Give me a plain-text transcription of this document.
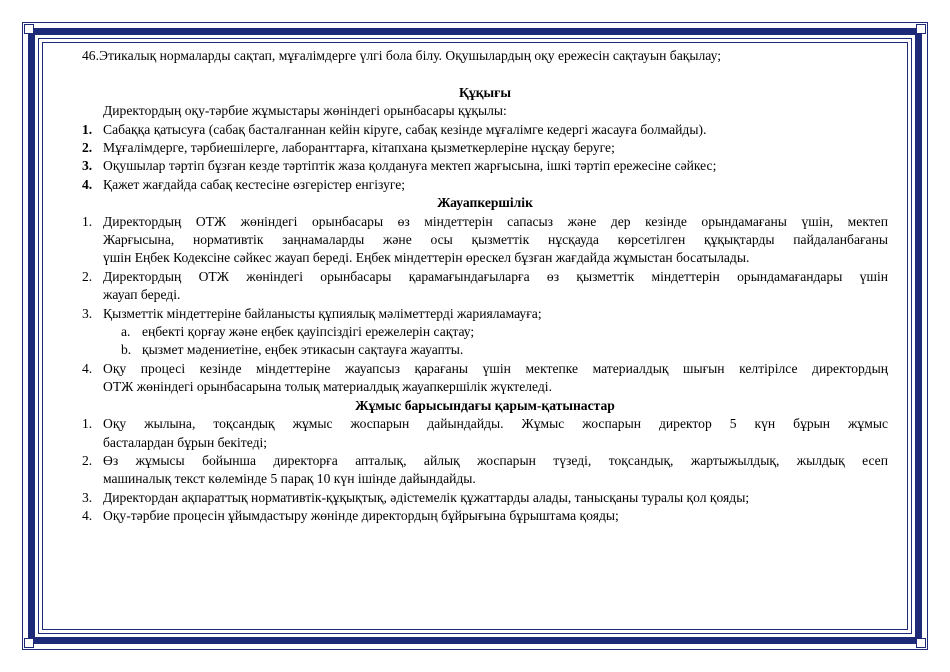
46.Этикалық нормаларды сақтап, мұғалімдерге үлгі бола білу. Оқушылардың оқу ережесін сақтауын бақылау;
Құқығы
Директордың оқу-тәрбие жұмыстары жөніндегі орынбасары құқылы:
1. Сабаққа қатысуға (сабақ басталғаннан кейін кіруге, сабақ кезінде мұғалімге кедергі жасауға болмайды).
2. Мұғалімдерге, тәрбиешілерге, лаборанттарға, кітапхана қызметкерлеріне нұсқау беруге;
3. Оқушылар тәртіп бұзған кезде тәртіптік жаза қолдануға мектеп жарғысына, ішкі тәртіп ережесіне сәйкес;
4. Қажет жағдайда сабақ кестесіне өзгерістер енгізуге;
Жауапкершілік
1. Директордың ОТЖ жөніндегі орынбасары өз міндеттерін сапасыз және дер кезінде орындамағаны үшін, мектеп
Жарғысына, нормативтік заңнамаларды және осы қызметтік нұсқауда көрсетілген құқықтарды пайдаланбағаны
үшін Еңбек Кодексіне сәйкес жауап береді. Еңбек міндеттерін өрескел бұзған жағдайда жұмыстан босатылады.
2. Директордың ОТЖ жөніндегі орынбасары қарамағындағыларға өз қызметтік міндеттерін орындамағандары үшін
жауап береді.
3. Қызметтік міндеттеріне байланысты құпиялық мәліметтерді жарияламауға;
a. еңбекті қорғау және еңбек қауіпсіздігі ережелерін сақтау;
b. қызмет мәдениетіне, еңбек этикасын сақтауға жауапты.
4. Оқу процесі кезінде міндеттеріне жауапсыз қарағаны үшін мектепке материалдық шығын келтірілсе директордың
ОТЖ жөніндегі орынбасарына толық материалдық жауапкершілік жүктеледі.
Жұмыс барысындағы қарым-қатынастар
1. Оқу жылына, тоқсандық жұмыс жоспарын дайындайды. Жұмыс жоспарын директор 5 күн бұрын жұмыс
басталардан бұрын бекітеді;
2. Өз жұмысы бойынша директорға апталық, айлық жоспарын түзеді, тоқсандық, жартыжылдық, жылдық есеп
машиналық текст көлемінде 5 парақ 10 күн ішінде дайындайды.
3. Директордан ақпараттық нормативтік-құқықтық, әдістемелік құжаттарды алады, танысқаны туралы қол қояды;
4. Оқу-тәрбие процесін ұйымдастыру жөнінде директордың бұйрығына бұрыштама қояды;
